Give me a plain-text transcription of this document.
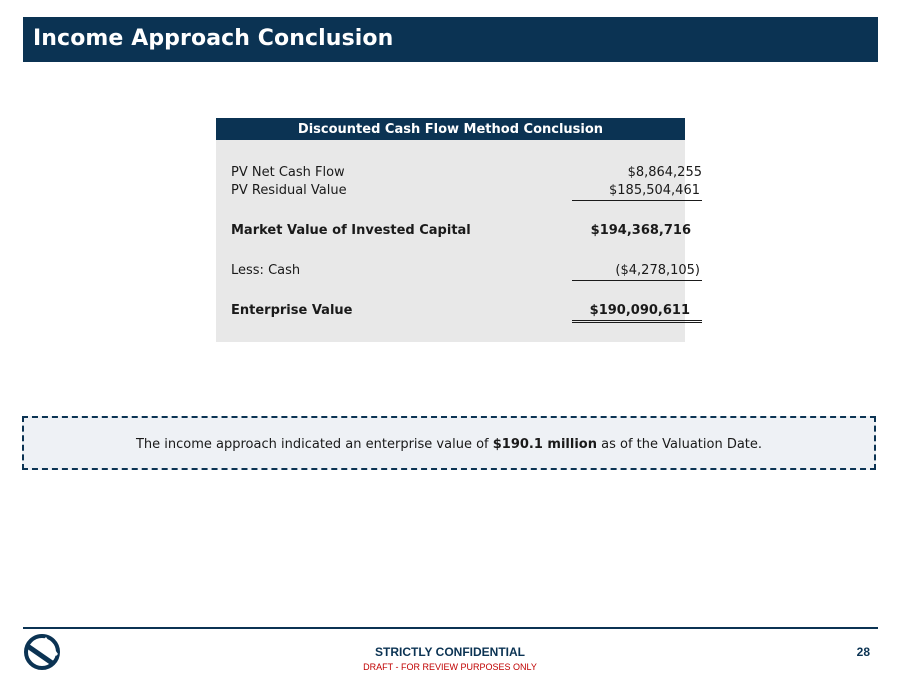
Income Approach Conclusion
Discounted Cash Flow Method Conclusion
PV Net Cash Flow	$8,864,255
PV Residual Value	$185,504,461
Market Value of Invested Capital	$194,368,716
Less: Cash	($4,278,105)
Enterprise Value	$190,090,611
The income approach indicated an enterprise value of $190.1 million as of the Valuation Date.
STRICTLY CONFIDENTIAL
DRAFT - FOR REVIEW PURPOSES ONLY
28
